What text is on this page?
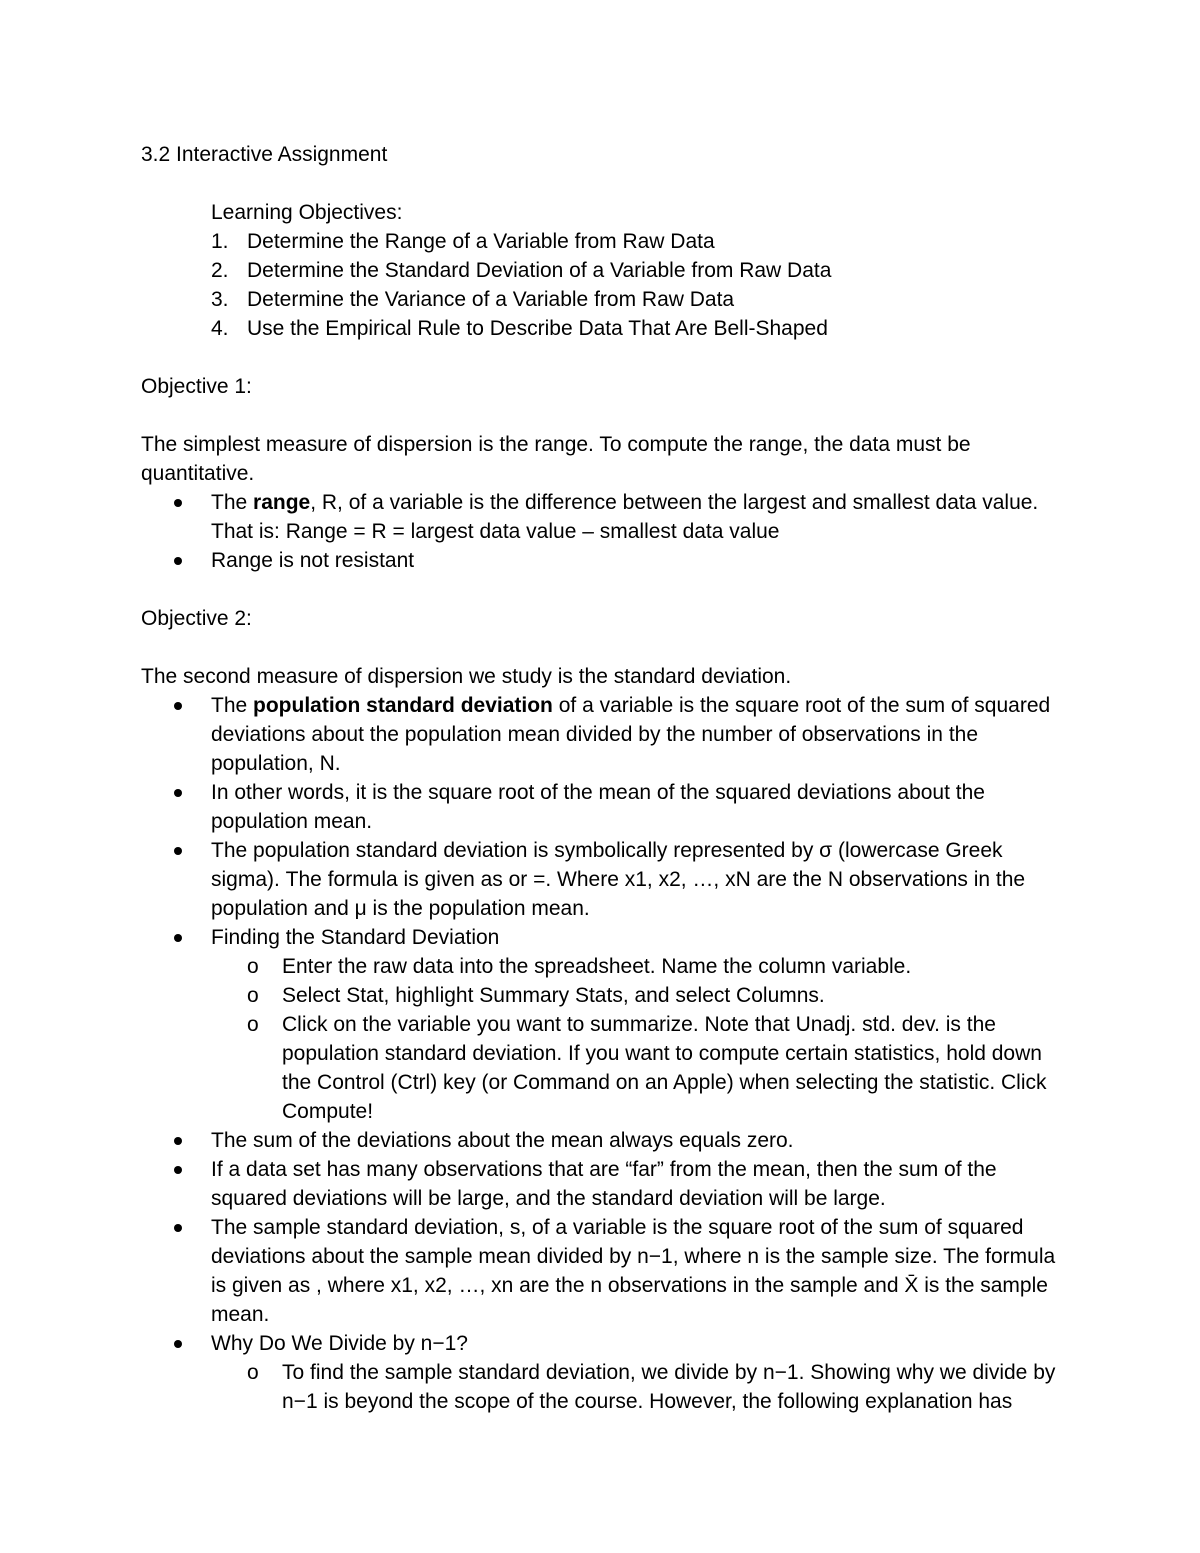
3.2 Interactive Assignment

Learning Objectives:

1. Determine the Range of a Variable from Raw Data
2. Determine the Standard Deviation of a Variable from Raw Data
3. Determine the Variance of a Variable from Raw Data
4. Use the Empirical Rule to Describe Data That Are Bell-Shaped

Objective 1:

The simplest measure of dispersion is the range. To compute the range, the data must be quantitative.

The range, R, of a variable is the difference between the largest and smallest data value. That is: Range = R = largest data value – smallest data value
Range is not resistant

Objective 2:

The second measure of dispersion we study is the standard deviation.

The population standard deviation of a variable is the square root of the sum of squared deviations about the population mean divided by the number of observations in the population, N.
In other words, it is the square root of the mean of the squared deviations about the population mean.
The population standard deviation is symbolically represented by σ (lowercase Greek sigma). The formula is given as or =. Where x1, x2, …, xN are the N observations in the population and μ is the population mean.
Finding the Standard Deviation
o Enter the raw data into the spreadsheet. Name the column variable.
o Select Stat, highlight Summary Stats, and select Columns.
o Click on the variable you want to summarize. Note that Unadj. std. dev. is the population standard deviation. If you want to compute certain statistics, hold down the Control (Ctrl) key (or Command on an Apple) when selecting the statistic. Click Compute!
The sum of the deviations about the mean always equals zero.
If a data set has many observations that are “far” from the mean, then the sum of the squared deviations will be large, and the standard deviation will be large.
The sample standard deviation, s, of a variable is the square root of the sum of squared deviations about the sample mean divided by n−1, where n is the sample size. The formula is given as , where x1, x2, …, xn are the n observations in the sample and X̄ is the sample mean.
Why Do We Divide by n−1?
o To find the sample standard deviation, we divide by n−1. Showing why we divide by n−1 is beyond the scope of the course. However, the following explanation has
